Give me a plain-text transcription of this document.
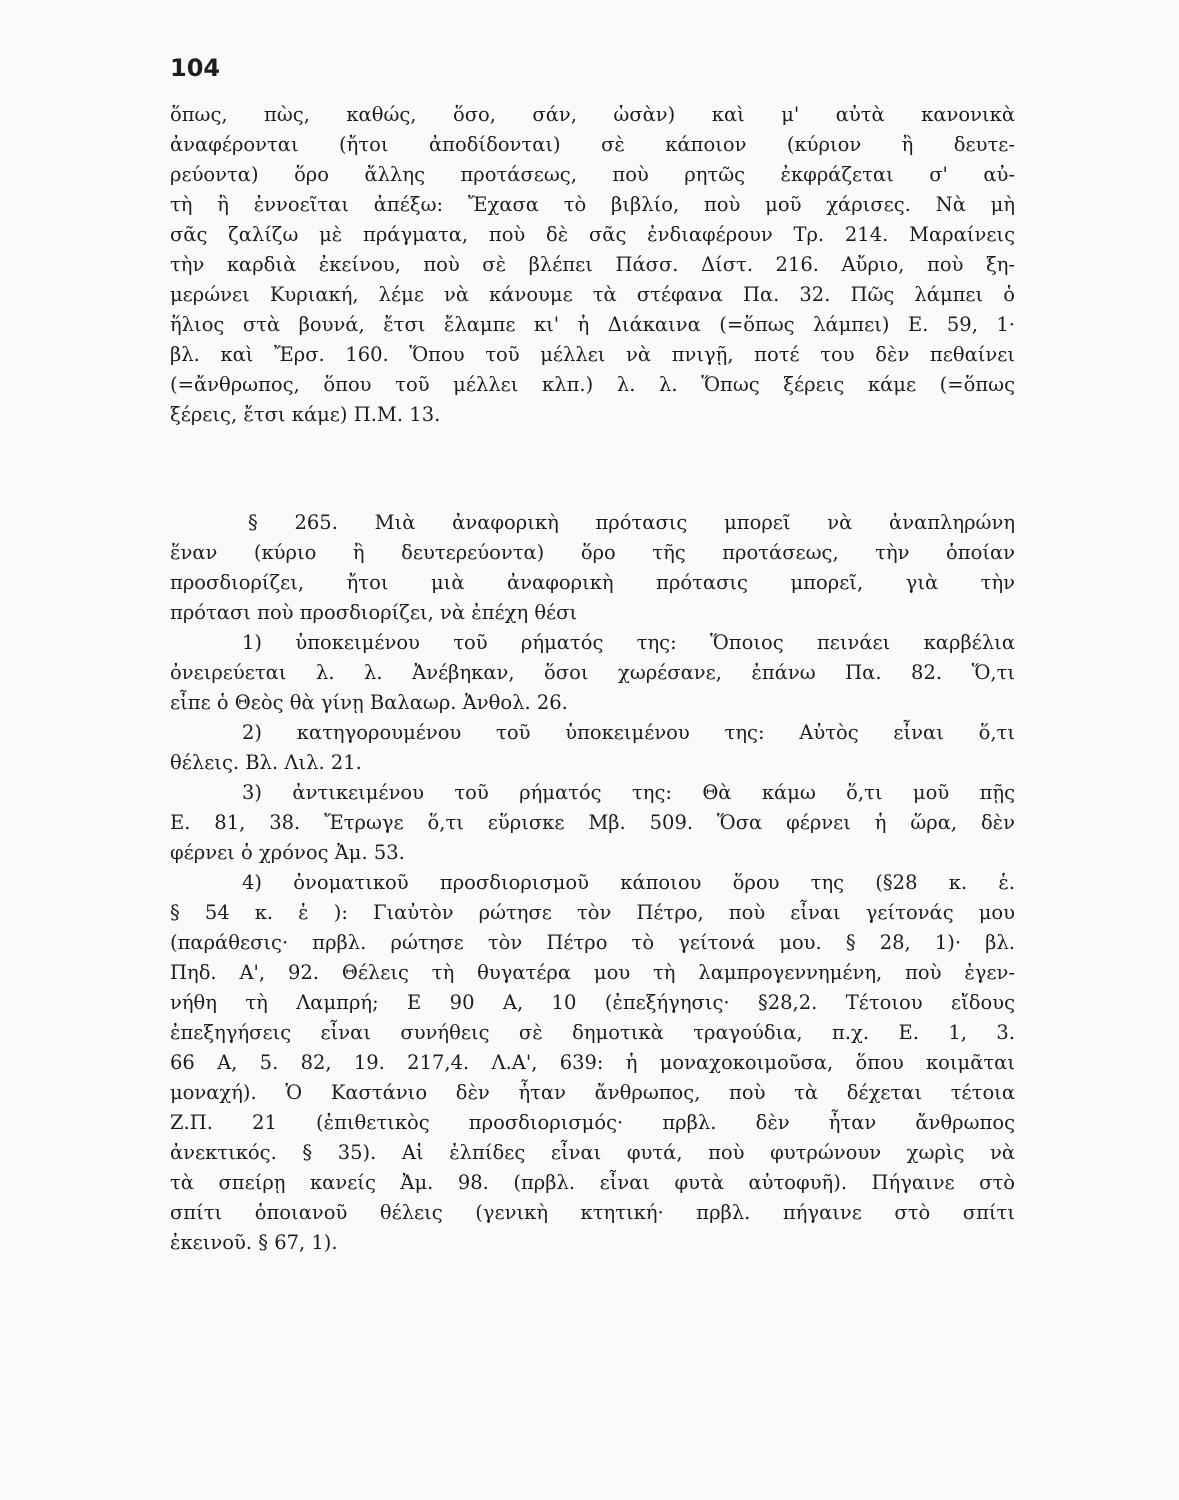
104
ὅπως, πὼς, καθώς, ὅσο, σάν, ὡσὰν) καὶ μ' αὐτὰ κανονικὰ
ἀναφέρονται (ἤτοι ἀποδίδονται) σὲ κάποιον (κύριον ἢ δευτε-
ρεύοντα) ὅρο ἄλλης προτάσεως, ποὺ ρητῶς ἐκφράζεται σ' αὐ-
τὴ ἢ ἐννοεῖται ἀπέξω: Ἔχασα τὸ βιβλίο, ποὺ μοῦ χάρισες. Νὰ μὴ
σᾶς ζαλίζω μὲ πράγματα, ποὺ δὲ σᾶς ἐνδιαφέρουν Τρ. 214. Μαραίνεις
τὴν καρδιὰ ἐκείνου, ποὺ σὲ βλέπει Πάσσ. Δίστ. 216. Αὔριο, ποὺ ξη-
μερώνει Κυριακή, λέμε νὰ κάνουμε τὰ στέφανα Πα. 32. Πῶς λάμπει ὁ
ἥλιος στὰ βουνά, ἔτσι ἔλαμπε κι' ἡ Διάκαινα (=ὅπως λάμπει) Ε. 59, 1·
βλ. καὶ Ἔρσ. 160. Ὅπου τοῦ μέλλει νὰ πνιγῇ, ποτέ του δὲν πεθαίνει
(=ἄνθρωπος, ὅπου τοῦ μέλλει κλπ.) λ. λ. Ὅπως ξέρεις κάμε (=ὅπως
ξέρεις, ἔτσι κάμε) Π.Μ. 13.
§ 265. Μιὰ ἀναφορικὴ πρότασις μπορεῖ νὰ ἀναπληρώνη
ἕναν (κύριο ἢ δευτερεύοντα) ὅρο τῆς προτάσεως, τὴν ὁποίαν
προσδιορίζει, ἤτοι μιὰ ἀναφορικὴ πρότασις μπορεῖ, γιὰ τὴν
πρότασι ποὺ προσδιορίζει, νὰ ἐπέχη θέσι
1) ὑποκειμένου τοῦ ρήματός της: Ὅποιος πεινάει καρβέλια
ὀνειρεύεται λ. λ. Ἀνέβηκαν, ὅσοι χωρέσανε, ἐπάνω Πα. 82. Ὅ,τι
εἶπε ὁ Θεὸς θὰ γίνῃ Βαλαωρ. Ἀνθολ. 26.
2) κατηγορουμένου τοῦ ὑποκειμένου της: Αὐτὸς εἶναι ὅ,τι
θέλεις. Βλ. Λιλ. 21.
3) ἀντικειμένου τοῦ ρήματός της: Θὰ κάμω ὅ,τι μοῦ πῇς
Ε. 81, 38. Ἔτρωγε ὅ,τι εὕρισκε Μβ. 509. Ὅσα φέρνει ἡ ὥρα, δὲν
φέρνει ὁ χρόνος Ἀμ. 53.
4) ὀνοματικοῦ προσδιορισμοῦ κάποιου ὅρου της (§28 κ. ἑ.
§ 54 κ. ἑ ): Γιαὐτὸν ρώτησε τὸν Πέτρο, ποὺ εἶναι γείτονάς μου
(παράθεσις· πρβλ. ρώτησε τὸν Πέτρο τὸ γείτονά μου. § 28, 1)· βλ.
Πηδ. Α', 92. Θέλεις τὴ θυγατέρα μου τὴ λαμπρογεννημένη, ποὺ ἐγεν-
νήθη τὴ Λαμπρή; Ε 90 Α, 10 (ἐπεξήγησις· §28,2. Τέτοιου εἴδους
ἐπεξηγήσεις εἶναι συνήθεις σὲ δημοτικὰ τραγούδια, π.χ. Ε. 1, 3.
66 Α, 5. 82, 19. 217,4. Λ.Α', 639: ἡ μοναχοκοιμοῦσα, ὅπου κοιμᾶται
μοναχή). Ὁ Καστάνιο δὲν ἦταν ἄνθρωπος, ποὺ τὰ δέχεται τέτοια
Ζ.Π. 21 (ἐπιθετικὸς προσδιορισμός· πρβλ. δὲν ἦταν ἄνθρωπος
ἀνεκτικός. § 35). Αἱ ἐλπίδες εἶναι φυτά, ποὺ φυτρώνουν χωρὶς νὰ
τὰ σπείρῃ κανείς Ἀμ. 98. (πρβλ. εἶναι φυτὰ αὐτοφυῆ). Πήγαινε στὸ
σπίτι ὁποιανοῦ θέλεις (γενικὴ κτητική· πρβλ. πήγαινε στὸ σπίτι
ἐκεινοῦ. § 67, 1).
